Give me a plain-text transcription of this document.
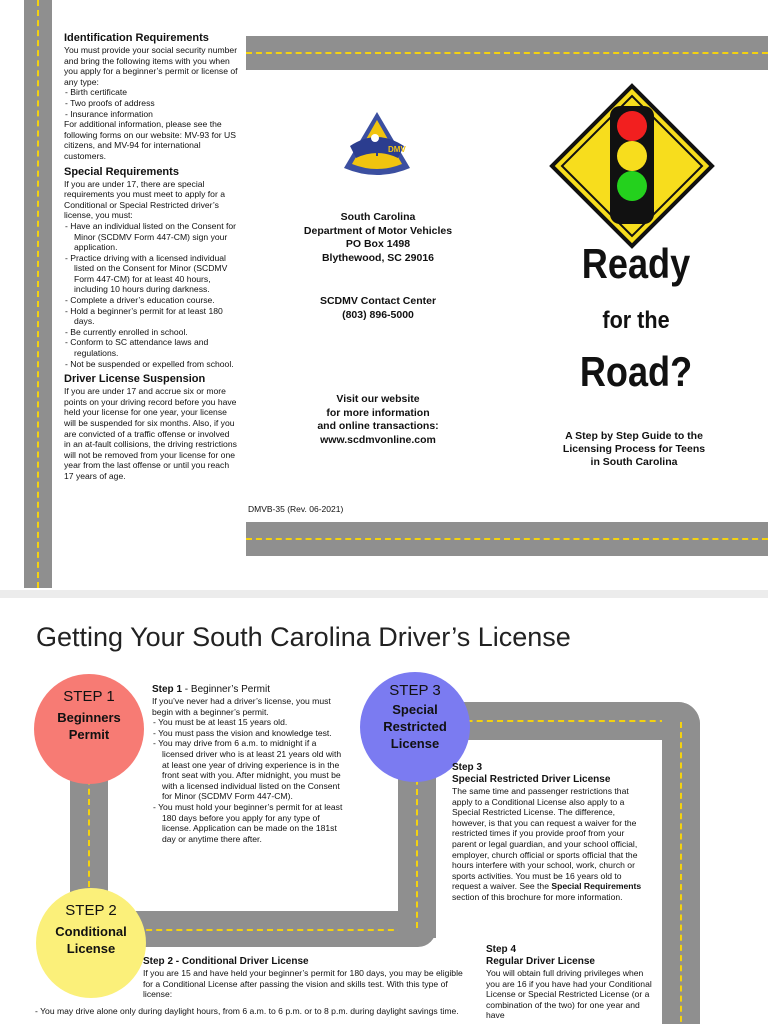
Identification Requirements

You must provide your social security number and bring the following items with you when you apply for a beginner’s permit or license of any type:

- Birth certificate
- Two proofs of address
- Insurance information

For additional information, please see the following forms on our website: MV-93 for US citizens, and MV-94 for international customers.

Special Requirements

If you are under 17, there are special requirements you must meet to apply for a Conditional or Special Restricted driver’s license, you must:

- Have an individual listed on the Consent for Minor (SCDMV Form 447-CM) sign your application.
- Practice driving with a licensed individual listed on the Consent for Minor (SCDMV Form 447-CM) for at least 40 hours, including 10 hours during darkness.
- Complete a driver’s education course.
- Hold a beginner’s permit for at least 180 days.
- Be currently enrolled in school.
- Conform to SC attendance laws and regulations.
- Not be suspended or expelled from school.

Driver License Suspension

If you are under 17 and accrue six or more points on your driving record before you have held your license for one year, your license will be suspended for six months. Also, if you are convicted of a traffic offense or involved in an at-fault collisions, the driving restrictions will not be removed from your license for one year from the last offense or until you reach 17 years of age.

DMV
South Carolina
Department of Motor Vehicles
PO Box 1498
Blythewood, SC 29016
SCDMV Contact Center
(803) 896-5000
Visit our website
for more information
and online transactions:
www.scdmvonline.com
DMVB-35 (Rev. 06-2021)
Ready
for the
Road?
A Step by Step Guide to the
Licensing Process for Teens
in South Carolina
Getting Your South Carolina Driver’s License
STEP 1
Beginners
Permit
STEP 2
Conditional
License
STEP 3
Special
Restricted
License

Step 1 - Beginner’s Permit

If you’ve never had a driver’s license, you must begin with a beginner’s permit.

- You must be at least 15 years old.
- You must pass the vision and knowledge test.
- You may drive from 6 a.m. to midnight if a licensed driver who is at least 21 years old with at least one year of driving experience is in the front seat with you. After midnight, you must be with a licensed individual listed on the Consent for Minor (SCDMV Form 447-CM).
- You must hold your beginner’s permit for at least 180 days before you apply for any type of license. Application can be made on the 181st day or anytime there after.

Step 2 - Conditional Driver License

If you are 15 and have held your beginner’s permit for 180 days, you may be eligible for a Conditional License after passing the vision and skills test. With this type of license:

- You may drive alone only during daylight hours, from 6 a.m. to 6 p.m. or to 8 p.m. during daylight savings time.

Step 3

Special Restricted Driver License

The same time and passenger restrictions that apply to a Conditional License also apply to a Special Restricted License. The difference, however, is that you can request a waiver for the restricted times if you provide proof from your parent or legal guardian, and your school official, employer, church official or sports official that the hours interfere with your school, work, church or sports activities. You must be 16 years old to request a waiver. See the Special Requirements section of this brochure for more information.

Step 4

Regular Driver License

You will obtain full driving privileges when you are 16 if you have had your Conditional License or Special Restricted License (or a combination of the two) for one year and have
